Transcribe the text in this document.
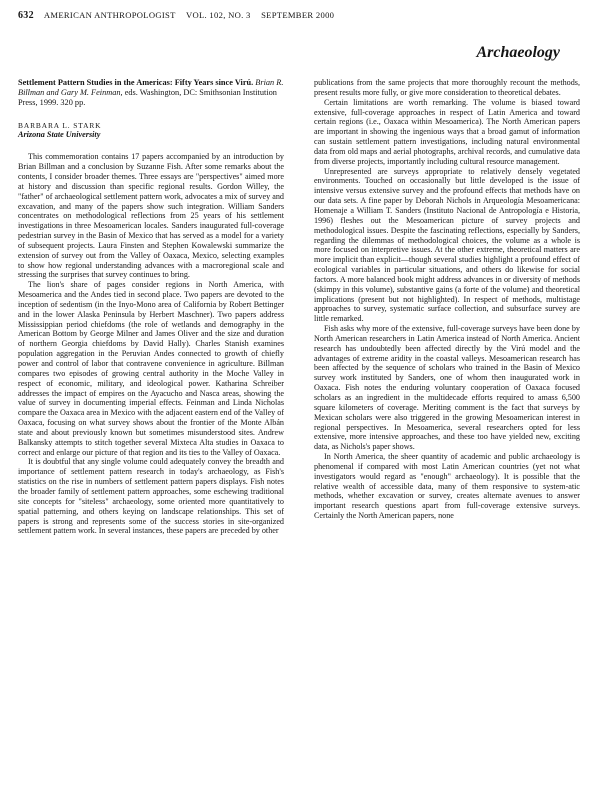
632 AMERICAN ANTHROPOLOGIST VOL. 102, NO. 3 SEPTEMBER 2000
Archaeology
Settlement Pattern Studies in the Americas: Fifty Years since Virú. Brian R. Billman and Gary M. Feinman, eds. Washington, DC: Smithsonian Institution Press, 1999. 320 pp.
BARBARA L. STARK
Arizona State University

This commemoration contains 17 papers accompanied by an introduction by Brian Billman and a conclusion by Suzanne Fish. After some remarks about the contents, I consider broader themes. Three essays are "perspectives" aimed more at history and discussion than specific regional results. Gordon Willey, the "father" of archaeological settlement pattern work, advocates a mix of survey and excavation, and many of the papers show such integration. William Sanders concentrates on methodological reflections from 25 years of his settlement investigations in three Mesoamerican locales. Sanders inaugurated full-coverage pedestrian survey in the Basin of Mexico that has served as a model for a variety of subsequent projects. Laura Finsten and Stephen Kowalewski summarize the extension of survey out from the Valley of Oaxaca, Mexico, selecting examples to show how regional understanding advances with a macroregional scale and stressing the surprises that survey continues to bring.

The lion's share of pages consider regions in North America, with Mesoamerica and the Andes tied in second place. Two papers are devoted to the inception of sedentism (in the Inyo-Mono area of California by Robert Bettinger and in the lower Alaska Peninsula by Herbert Maschner). Two papers address Mississippian period chiefdoms (the role of wetlands and demography in the American Bottom by George Milner and James Oliver and the size and duration of northern Georgia chiefdoms by David Hally). Charles Stanish examines population aggregation in the Peruvian Andes connected to growth of chiefly power and control of labor that contravene convenience in agriculture. Billman compares two episodes of growing central authority in the Moche Valley in respect of economic, military, and ideological power. Katharina Schreiber addresses the impact of empires on the Ayacucho and Nasca areas, showing the value of survey in documenting imperial effects. Feinman and Linda Nicholas compare the Oaxaca area in Mexico with the adjacent eastern end of the Valley of Oaxaca, focusing on what survey shows about the frontier of the Monte Albán state and about previously known but sometimes misunderstood sites. Andrew Balkansky attempts to stitch together several Mixteca Alta studies in Oaxaca to correct and enlarge our picture of that region and its ties to the Valley of Oaxaca.

It is doubtful that any single volume could adequately convey the breadth and importance of settlement pattern research in today's archaeology, as Fish's statistics on the rise in numbers of settlement pattern papers displays. Fish notes the broader family of settlement pattern approaches, some eschewing traditional site concepts for "siteless" archaeology, some oriented more quantitatively to spatial patterning, and others keying on landscape relationships. This set of papers is strong and represents some of the success stories in site-organized settlement pattern work. In several instances, these papers are preceded by other

publications from the same projects that more thoroughly recount the methods, present results more fully, or give more consideration to theoretical debates.

Certain limitations are worth remarking. The volume is biased toward extensive, full-coverage approaches in respect of Latin America and toward certain regions (i.e., Oaxaca within Mesoamerica). The North American papers are important in showing the ingenious ways that a broad gamut of information can sustain settlement pattern investigations, including natural environmental data from old maps and aerial photographs, archival records, and cumulative data from diverse projects, importantly including cultural resource management.

Unrepresented are surveys appropriate to relatively densely vegetated environments. Touched on occasionally but little developed is the issue of intensive versus extensive survey and the profound effects that methods have on our data sets. A fine paper by Deborah Nichols in Arqueología Mesoamericana: Homenaje a William T. Sanders (Instituto Nacional de Antropología e Historia, 1996) fleshes out the Mesoamerican picture of survey projects and methodological issues. Despite the fascinating reflections, especially by Sanders, regarding the dilemmas of methodological choices, the volume as a whole is more focused on interpretive issues. At the other extreme, theoretical matters are more implicit than explicit—though several studies highlight a profound effect of ecological variables in particular situations, and others do likewise for social factors. A more balanced book might address advances in or diversity of methods (skimpy in this volume), substantive gains (a forte of the volume) and theoretical implications (present but not highlighted). In respect of methods, multistage approaches to survey, systematic surface collection, and subsurface survey are little remarked.

Fish asks why more of the extensive, full-coverage surveys have been done by North American researchers in Latin America instead of North America. Ancient research has undoubtedly been affected directly by the Virú model and the advantages of extreme aridity in the coastal valleys. Mesoamerican research has been affected by the sequence of scholars who trained in the Basin of Mexico survey work instituted by Sanders, one of whom then inaugurated work in Oaxaca. Fish notes the enduring voluntary cooperation of Oaxaca focused scholars as an ingredient in the multidecade efforts required to amass 6,500 square kilometers of coverage. Meriting comment is the fact that surveys by Mexican scholars were also triggered in the growing Mesoamerican interest in regional perspectives. In Mesoamerica, several researchers opted for less extensive, more intensive approaches, and these too have yielded new, exciting data, as Nichols's paper shows.

In North America, the sheer quantity of academic and public archaeology is phenomenal if compared with most Latin American countries (yet not what investigators would regard as "enough" archaeology). It is possible that the relative wealth of accessible data, many of them responsive to system-atic methods, whether excavation or survey, creates alternate avenues to answer important research questions apart from full-coverage extensive surveys. Certainly the North American papers, none
